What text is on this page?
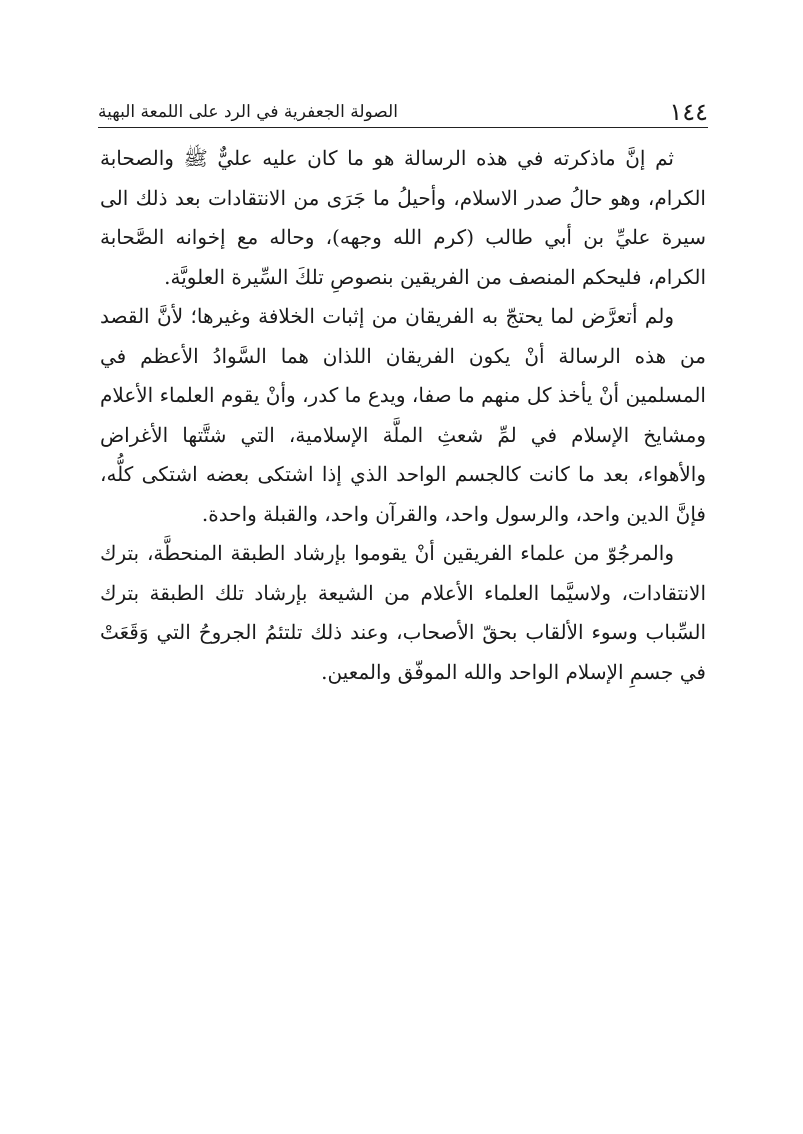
١٤٤
الصولة الجعفرية في الرد على اللمعة البهية

ثم إنَّ ماذكرته في هذه الرسالة هو ما كان عليه عليٌّ ﷺ والصحابة الكرام، وهو حالُ صدر الاسلام، وأحيلُ ما جَرَى من الانتقادات بعد ذلك الى سيرة عليِّ بن أبي طالب (كرم الله وجهه)، وحاله مع إخوانه الصَّحابة الكرام، فليحكم المنصف من الفريقين بنصوصِ تلكَ السِّيرة العلويَّة.

ولم أتعرَّض لما يحتجّ به الفريقان من إثبات الخلافة وغيرها؛ لأنَّ القصد من هذه الرسالة أنْ يكون الفريقان اللذان هما السَّوادُ الأعظم في المسلمين أنْ يأخذ كل منهم ما صفا، ويدع ما كدر، وأنْ يقوم العلماء الأعلام ومشايخ الإسلام في لمِّ شعثِ الملَّة الإسلامية، التي شتَّتها الأغراض والأهواء، بعد ما كانت كالجسم الواحد الذي إذا اشتكى بعضه اشتكى كلُّه، فإنَّ الدين واحد، والرسول واحد، والقرآن واحد، والقبلة واحدة.

والمرجُوّ من علماء الفريقين أنْ يقوموا بإرشاد الطبقة المنحطَّة، بترك الانتقادات، ولاسيَّما العلماء الأعلام من الشيعة بإرشاد تلك الطبقة بترك السِّباب وسوء الألقاب بحقّ الأصحاب، وعند ذلك تلتئمُ الجروحُ التي وَقَعَتْ في جسمِ الإسلام الواحد والله الموفّق والمعين.
